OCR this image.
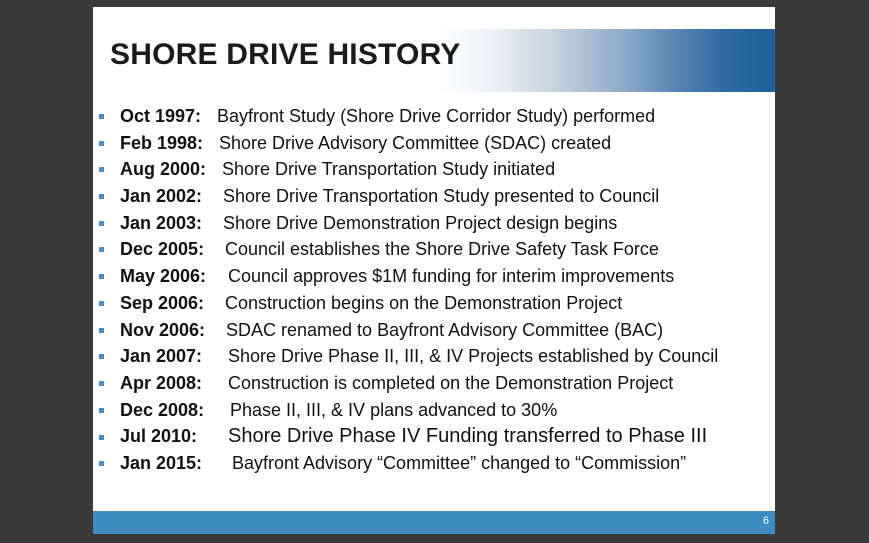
SHORE DRIVE HISTORY
Oct 1997: Bayfront Study (Shore Drive Corridor Study) performed
Feb 1998: Shore Drive Advisory Committee (SDAC) created
Aug 2000: Shore Drive Transportation Study initiated
Jan 2002: Shore Drive Transportation Study presented to Council
Jan 2003: Shore Drive Demonstration Project design begins
Dec 2005: Council establishes the Shore Drive Safety Task Force
May 2006: Council approves $1M funding for interim improvements
Sep 2006: Construction begins on the Demonstration Project
Nov 2006: SDAC renamed to Bayfront Advisory Committee (BAC)
Jan 2007: Shore Drive Phase II, III, & IV Projects established by Council
Apr 2008: Construction is completed on the Demonstration Project
Dec 2008: Phase II, III, & IV plans advanced to 30%
Jul 2010: Shore Drive Phase IV Funding transferred to Phase III
Jan 2015: Bayfront Advisory “Committee” changed to “Commission”
6
